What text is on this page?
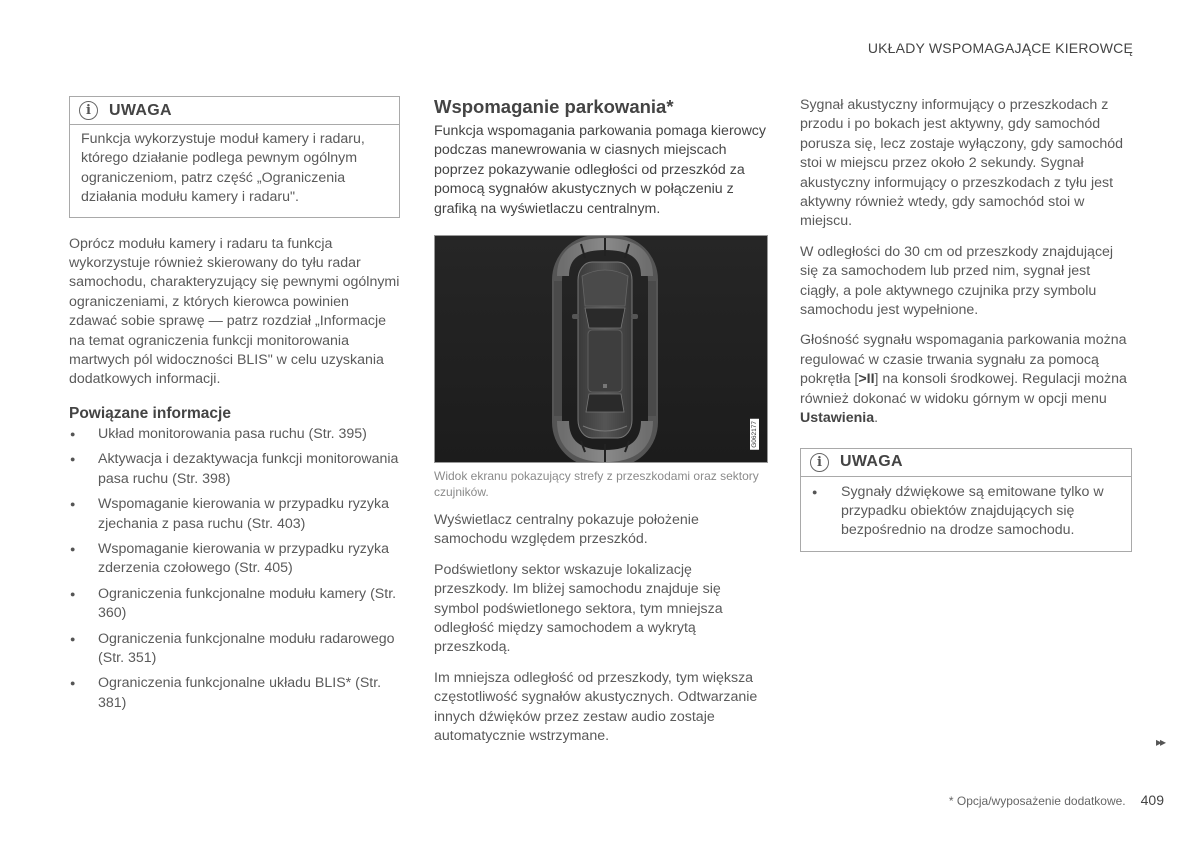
UKŁADY WSPOMAGAJĄCE KIEROWCĘ
i	UWAGA
Funkcja wykorzystuje moduł kamery i radaru, którego działanie podlega pewnym ogólnym ograniczeniom, patrz część „Ograniczenia działania modułu kamery i radaru".

Oprócz modułu kamery i radaru ta funkcja wykorzystuje również skierowany do tyłu radar samochodu, charakteryzujący się pewnymi ogólnymi ograniczeniami, z których kierowca powinien zdawać sobie sprawę — patrz rozdział „Informacje na temat ograniczenia funkcji monitorowania martwych pól widoczności BLIS" w celu uzyskania dodatkowych informacji.

Powiązane informacje
● Układ monitorowania pasa ruchu (Str. 395)
● Aktywacja i dezaktywacja funkcji monitorowania pasa ruchu (Str. 398)
● Wspomaganie kierowania w przypadku ryzyka zjechania z pasa ruchu (Str. 403)
● Wspomaganie kierowania w przypadku ryzyka zderzenia czołowego (Str. 405)
● Ograniczenia funkcjonalne modułu kamery (Str. 360)
● Ograniczenia funkcjonalne modułu radarowego (Str. 351)
● Ograniczenia funkcjonalne układu BLIS* (Str. 381)
Wspomaganie parkowania*

Funkcja wspomagania parkowania pomaga kierowcy podczas manewrowania w ciasnych miejscach poprzez pokazywanie odległości od przeszkód za pomocą sygnałów akustycznych w połączeniu z grafiką na wyświetlaczu centralnym.

G062177

Widok ekranu pokazujący strefy z przeszkodami oraz sektory czujników.

Wyświetlacz centralny pokazuje położenie samochodu względem przeszkód.

Podświetlony sektor wskazuje lokalizację przeszkody. Im bliżej samochodu znajduje się symbol podświetlonego sektora, tym mniejsza odległość między samochodem a wykrytą przeszkodą.

Im mniejsza odległość od przeszkody, tym większa częstotliwość sygnałów akustycznych. Odtwarzanie innych dźwięków przez zestaw audio zostaje automatycznie wstrzymane.

Sygnał akustyczny informujący o przeszkodach z przodu i po bokach jest aktywny, gdy samochód porusza się, lecz zostaje wyłączony, gdy samochód stoi w miejscu przez około 2 sekundy. Sygnał akustyczny informujący o przeszkodach z tyłu jest aktywny również wtedy, gdy samochód stoi w miejscu.

W odległości do 30 cm od przeszkody znajdującej się za samochodem lub przed nim, sygnał jest ciągły, a pole aktywnego czujnika przy symbolu samochodu jest wypełnione.

Głośność sygnału wspomagania parkowania można regulować w czasie trwania sygnału za pomocą pokrętła [>II] na konsoli środkowej. Regulacji można również dokonać w widoku górnym w opcji menu Ustawienia.

i	UWAGA
● Sygnały dźwiękowe są emitowane tylko w przypadku obiektów znajdujących się bezpośrednio na drodze samochodu.
▸▸
* Opcja/wyposażenie dodatkowe. 409
